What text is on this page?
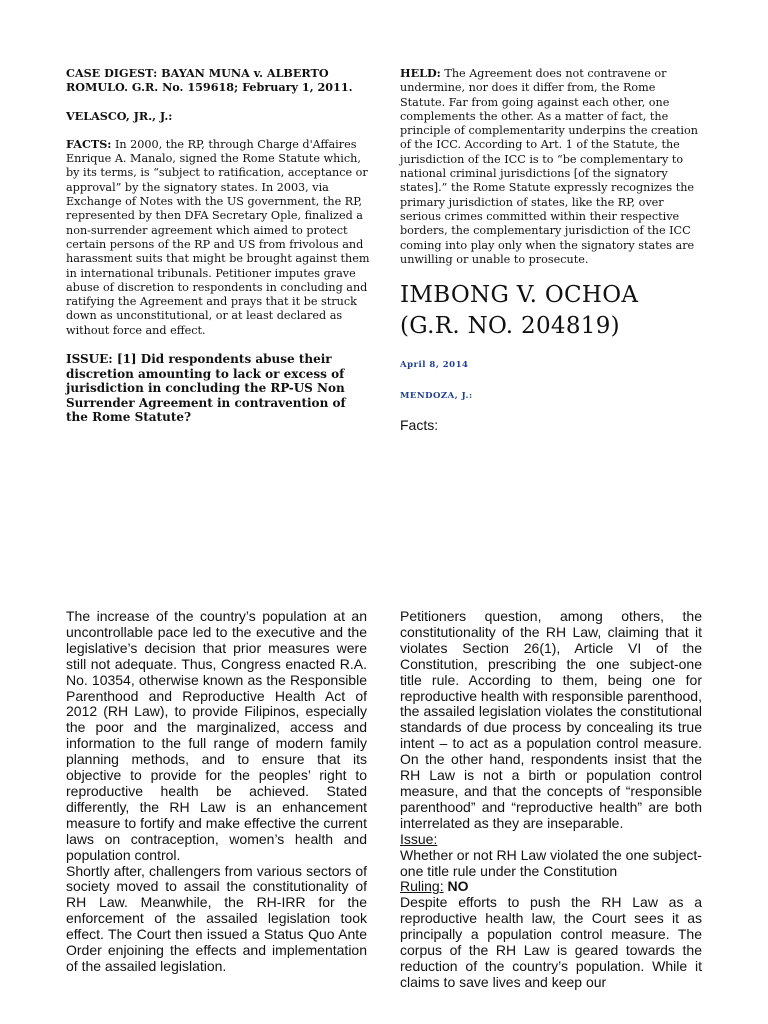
CASE DIGEST: BAYAN MUNA v. ALBERTO ROMULO. G.R. No. 159618; February 1, 2011.

VELASCO, JR., J.:

FACTS: In 2000, the RP, through Charge d'Affaires Enrique A. Manalo, signed the Rome Statute which, by its terms, is “subject to ratification, acceptance or approval” by the signatory states. In 2003, via Exchange of Notes with the US government, the RP, represented by then DFA Secretary Ople, finalized a non-surrender agreement which aimed to protect certain persons of the RP and US from frivolous and harassment suits that might be brought against them in international tribunals. Petitioner imputes grave abuse of discretion to respondents in concluding and ratifying the Agreement and prays that it be struck down as unconstitutional, or at least declared as without force and effect.

ISSUE: [1] Did respondents abuse their discretion amounting to lack or excess of jurisdiction in concluding the RP-US Non Surrender Agreement in contravention of the Rome Statute?

HELD: The Agreement does not contravene or undermine, nor does it differ from, the Rome Statute. Far from going against each other, one complements the other. As a matter of fact, the principle of complementarity underpins the creation of the ICC. According to Art. 1 of the Statute, the jurisdiction of the ICC is to “be complementary to national criminal jurisdictions [of the signatory states].” the Rome Statute expressly recognizes the primary jurisdiction of states, like the RP, over serious crimes committed within their respective borders, the complementary jurisdiction of the ICC coming into play only when the signatory states are unwilling or unable to prosecute.

IMBONG V. OCHOA (G.R. NO. 204819)

April 8, 2014

MENDOZA, J.:

Facts:

The increase of the country’s population at an uncontrollable pace led to the executive and the legislative’s decision that prior measures were still not adequate. Thus, Congress enacted R.A. No. 10354, otherwise known as the Responsible Parenthood and Reproductive Health Act of 2012 (RH Law), to provide Filipinos, especially the poor and the marginalized, access and information to the full range of modern family planning methods, and to ensure that its objective to provide for the peoples’ right to reproductive health be achieved. Stated differently, the RH Law is an enhancement measure to fortify and make effective the current laws on contraception, women’s health and population control.

Shortly after, challengers from various sectors of society moved to assail the constitutionality of RH Law. Meanwhile, the RH-IRR for the enforcement of the assailed legislation took effect. The Court then issued a Status Quo Ante Order enjoining the effects and implementation of the assailed legislation.

Petitioners question, among others, the constitutionality of the RH Law, claiming that it violates Section 26(1), Article VI of the Constitution, prescribing the one subject-one title rule. According to them, being one for reproductive health with responsible parenthood, the assailed legislation violates the constitutional standards of due process by concealing its true intent – to act as a population control measure. On the other hand, respondents insist that the RH Law is not a birth or population control measure, and that the concepts of “responsible parenthood” and “reproductive health” are both interrelated as they are inseparable.

Issue:

Whether or not RH Law violated the one subject-one title rule under the Constitution

Ruling: NO

Despite efforts to push the RH Law as a reproductive health law, the Court sees it as principally a population control measure. The corpus of the RH Law is geared towards the reduction of the country’s population. While it claims to save lives and keep our
